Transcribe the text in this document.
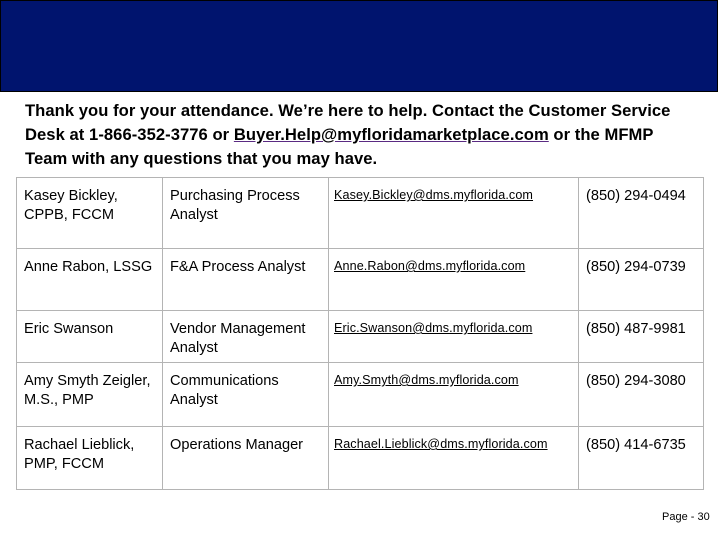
Thank you for your attendance. We’re here to help. Contact the Customer Service Desk at 1-866-352-3776 or Buyer.Help@myfloridamarketplace.com or the MFMP Team with any questions that you may have.
Kasey Bickley, CPPB, FCCM	Purchasing Process Analyst	Kasey.Bickley@dms.myflorida.com	(850) 294-0494
Anne Rabon, LSSG	F&A Process Analyst	Anne.Rabon@dms.myflorida.com	(850) 294-0739
Eric Swanson	Vendor Management Analyst	Eric.Swanson@dms.myflorida.com	(850) 487-9981
Amy Smyth Zeigler, M.S., PMP	Communications Analyst	Amy.Smyth@dms.myflorida.com	(850) 294-3080
Rachael Lieblick, PMP, FCCM	Operations Manager	Rachael.Lieblick@dms.myflorida.com	(850) 414-6735
Page - 30
